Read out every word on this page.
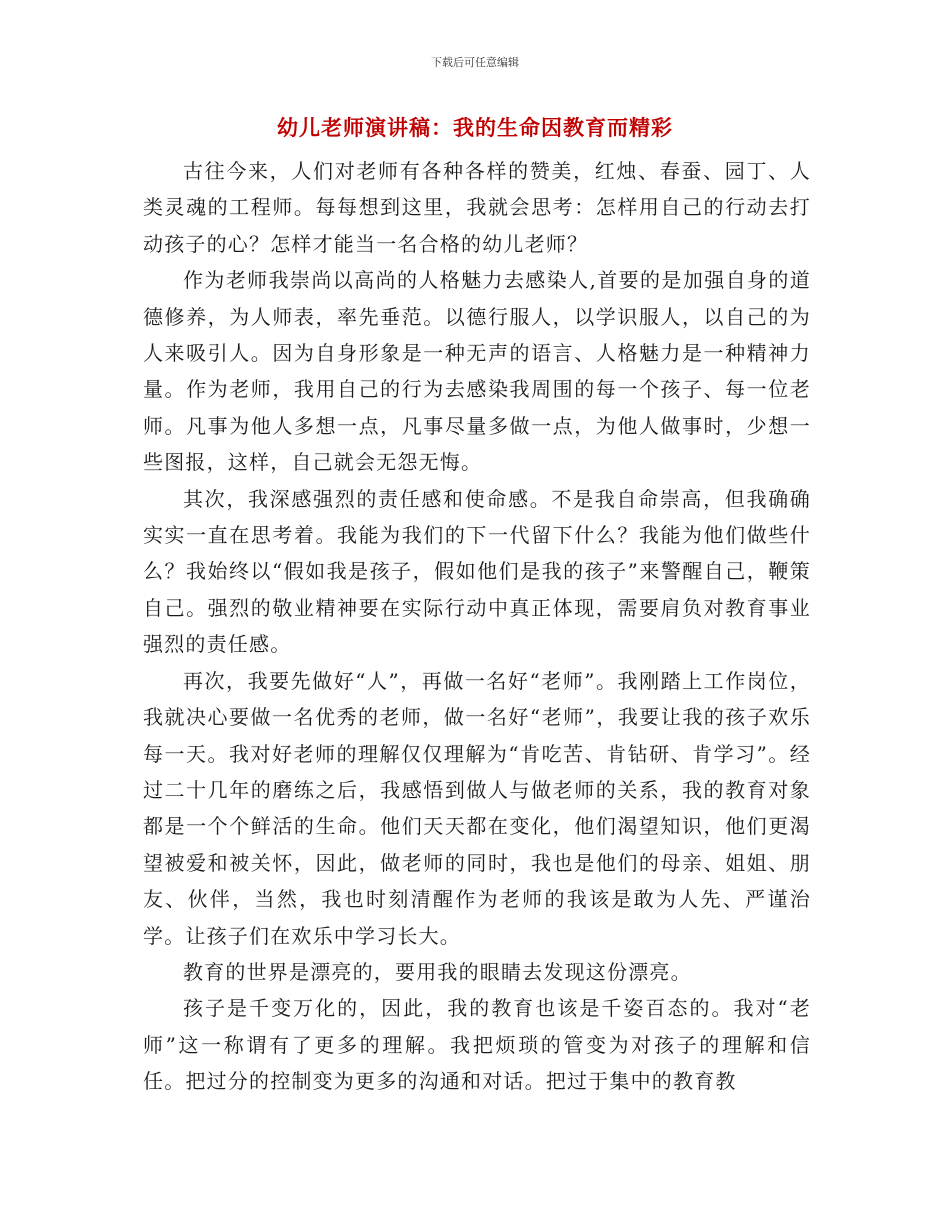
下载后可任意编辑
幼儿老师演讲稿：我的生命因教育而精彩

古往今来，人们对老师有各种各样的赞美，红烛、春蚕、园丁、人类灵魂的工程师。每每想到这里，我就会思考：怎样用自己的行动去打动孩子的心？怎样才能当一名合格的幼儿老师？

作为老师我崇尚以高尚的人格魅力去感染人,首要的是加强自身的道德修养，为人师表，率先垂范。以德行服人，以学识服人，以自己的为人来吸引人。因为自身形象是一种无声的语言、人格魅力是一种精神力量。作为老师，我用自己的行为去感染我周围的每一个孩子、每一位老师。凡事为他人多想一点，凡事尽量多做一点，为他人做事时，少想一些图报，这样，自己就会无怨无悔。

其次，我深感强烈的责任感和使命感。不是我自命崇高，但我确确实实一直在思考着。我能为我们的下一代留下什么？我能为他们做些什么？我始终以“假如我是孩子，假如他们是我的孩子”来警醒自己，鞭策自己。强烈的敬业精神要在实际行动中真正体现，需要肩负对教育事业强烈的责任感。

再次，我要先做好“人”，再做一名好“老师”。我刚踏上工作岗位，我就决心要做一名优秀的老师，做一名好“老师”，我要让我的孩子欢乐每一天。我对好老师的理解仅仅理解为“肯吃苦、肯钻研、肯学习”。经过二十几年的磨练之后，我感悟到做人与做老师的关系，我的教育对象都是一个个鲜活的生命。他们天天都在变化，他们渴望知识，他们更渴望被爱和被关怀，因此，做老师的同时，我也是他们的母亲、姐姐、朋友、伙伴，当然，我也时刻清醒作为老师的我该是敢为人先、严谨治学。让孩子们在欢乐中学习长大。

教育的世界是漂亮的，要用我的眼睛去发现这份漂亮。

孩子是千变万化的，因此，我的教育也该是千姿百态的。我对“老师”这一称谓有了更多的理解。我把烦琐的管变为对孩子的理解和信任。把过分的控制变为更多的沟通和对话。把过于集中的教育教
